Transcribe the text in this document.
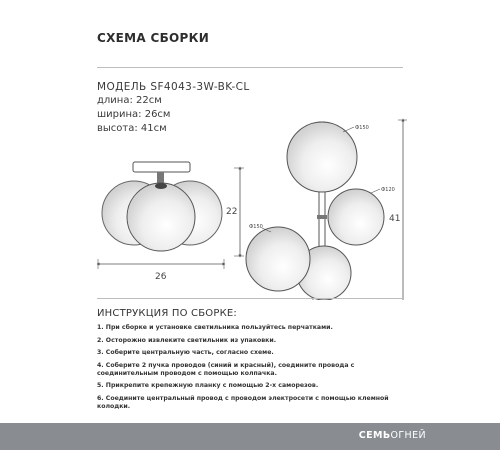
СХЕМА СБОРКИ
МОДЕЛЬ SF4043-3W-BK-CL
длина: 22см
ширина: 26см
высота: 41см
22
26
Ф150
Ф120
Ф150
41
ИНСТРУКЦИЯ ПО СБОРКЕ:
1. При сборке и установке светильника пользуйтесь перчатками.
2. Осторожно извлеките светильник из упаковки.
3. Соберите центральную часть, согласно схеме.
4. Соберите 2 пучка проводов (синий и красный), соедините провода с соединительным проводом с помощью колпачка.
5. Прикрепите крепежную планку с помощью 2-х саморезов.
6. Соедините центральный провод с проводом электросети с помощью клемной колодки.
СЕМЬОГНЕЙ
